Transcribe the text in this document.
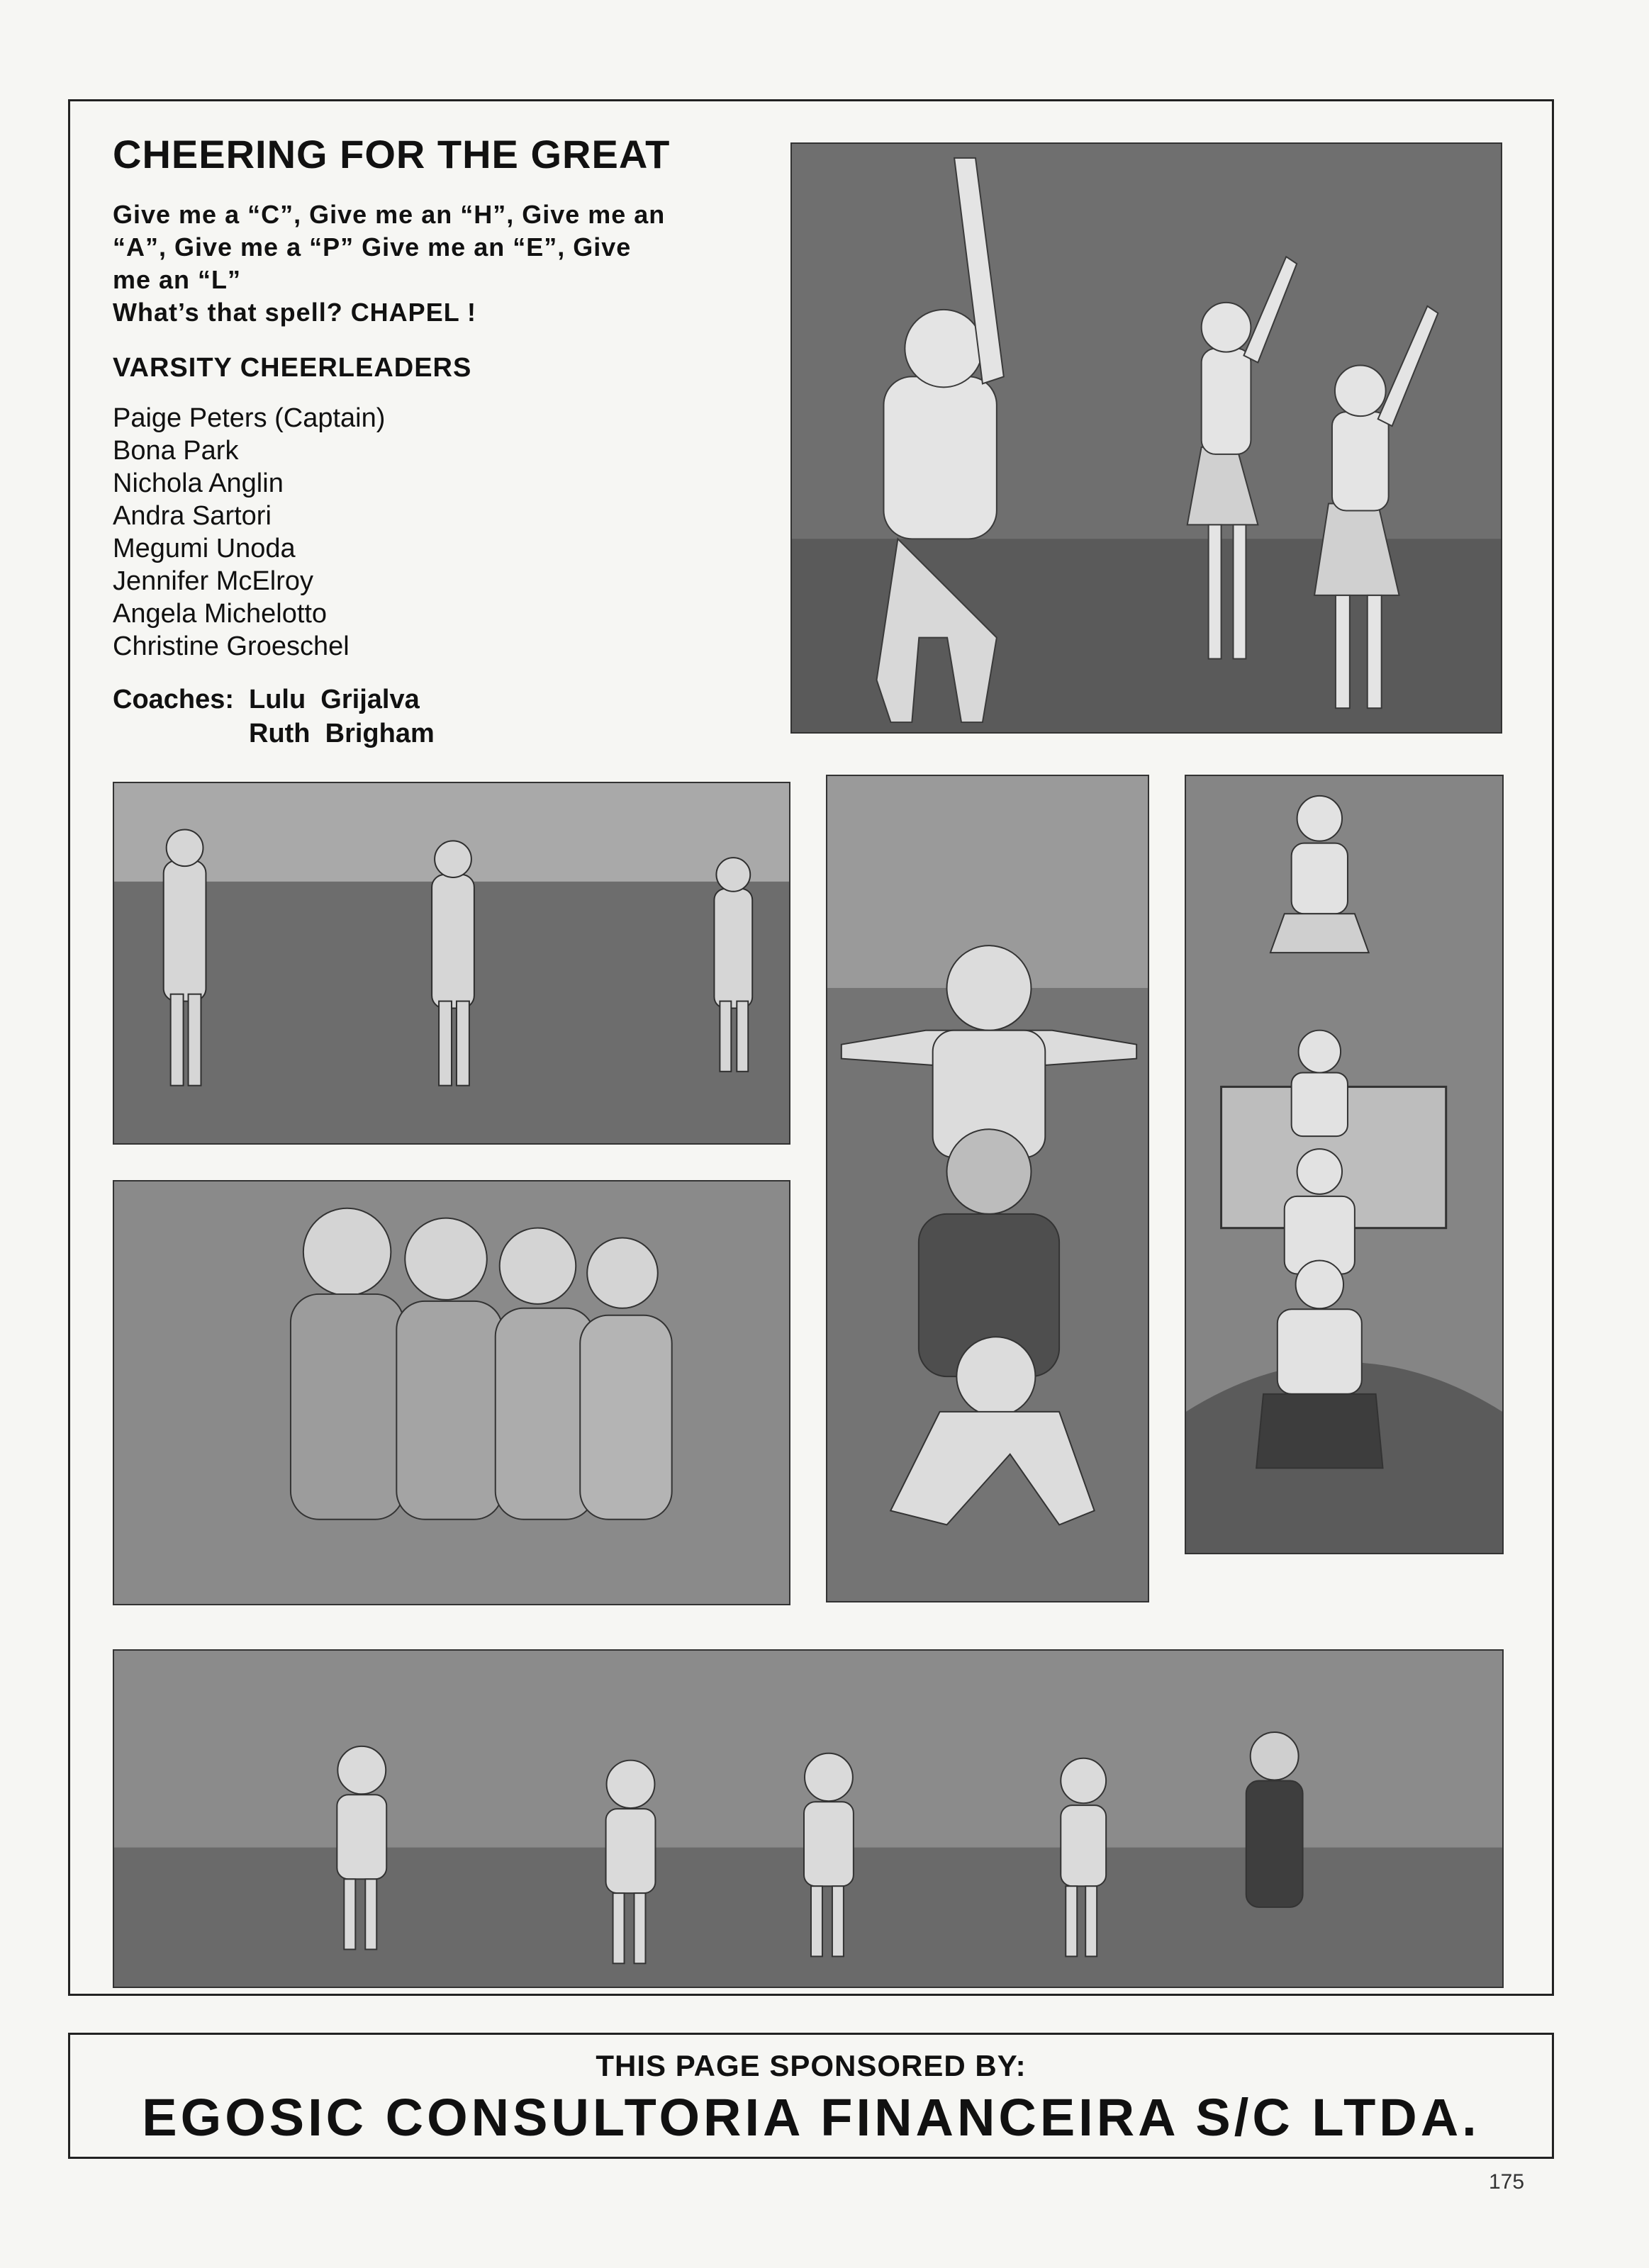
CHEERING FOR THE GREAT

Give me a “C”, Give me an “H”, Give me an
“A”, Give me a “P” Give me an “E”, Give
me an “L”
What’s that spell? CHAPEL !

VARSITY CHEERLEADERS
Paige Peters (Captain)
Bona Park
Nichola Anglin
Andra Sartori
Megumi Unoda
Jennifer McElroy
Angela Michelotto
Christine Groeschel
Coaches: Lulu  Grijalva
Ruth  Brigham
THIS PAGE SPONSORED BY:
EGOSIC CONSULTORIA FINANCEIRA S/C LTDA.
175
